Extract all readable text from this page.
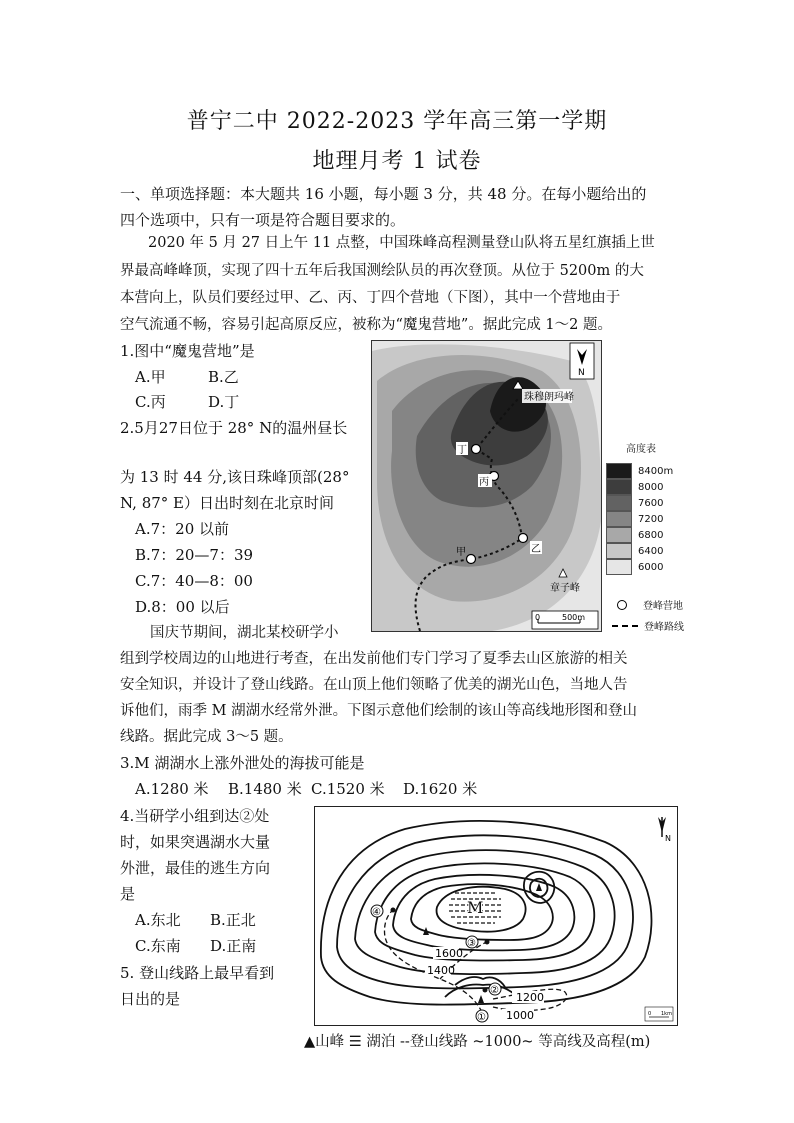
普宁二中 2022-2023 学年高三第一学期
地理月考 1 试卷
一、单项选择题：本大题共 16 小题，每小题 3 分，共 48 分。在每小题给出的
四个选项中，只有一项是符合题目要求的。
2020 年 5 月 27 日上午 11 点整，中国珠峰高程测量登山队将五星红旗插上世
界最高峰峰顶，实现了四十五年后我国测绘队员的再次登顶。从位于 5200m 的大
本营向上，队员们要经过甲、乙、丙、丁四个营地（下图），其中一个营地由于
空气流通不畅，容易引起高原反应，被称为“魔鬼营地”。据此完成 1～2 题。
1.图中“魔鬼营地”是
A.甲	B.乙
C.丙	D.丁
2.5月27日位于 28° N的温州昼长
为 13 时 44 分,该日珠峰顶部(28°
N, 87° E）日出时刻在北京时间
A.7：20 以前
B.7：20—7：39
C.7：40—8：00
D.8：00 以后
珠穆朗玛峰
丁
丙
乙
甲
章子峰
N
0	500m
高度表
8400m
8000
7600
7200
6800
6400
6000
登峰营地
登峰路线
国庆节期间，湖北某校研学小
组到学校周边的山地进行考查，在出发前他们专门学习了夏季去山区旅游的相关
安全知识，并设计了登山线路。在山顶上他们领略了优美的湖光山色，当地人告
诉他们，雨季 M 湖湖水经常外泄。下图示意他们绘制的该山等高线地形图和登山
线路。据此完成 3～5 题。
3.M 湖湖水上涨外泄处的海拔可能是
A.1280 米 B.1480 米 C.1520 米 D.1620 米
4.当研学小组到达②处
时，如果突遇湖水大量
外泄，最佳的逃生方向
是
A.东北 B.正北
C.东南 D.正南
5. 登山线路上最早看到
日出的是
M
①
②
③
④
1600
1400
1200
1000
N
0 1km
▲山峰 ☰ 湖泊 --登山线路 ~1000~ 等高线及高程(m)
